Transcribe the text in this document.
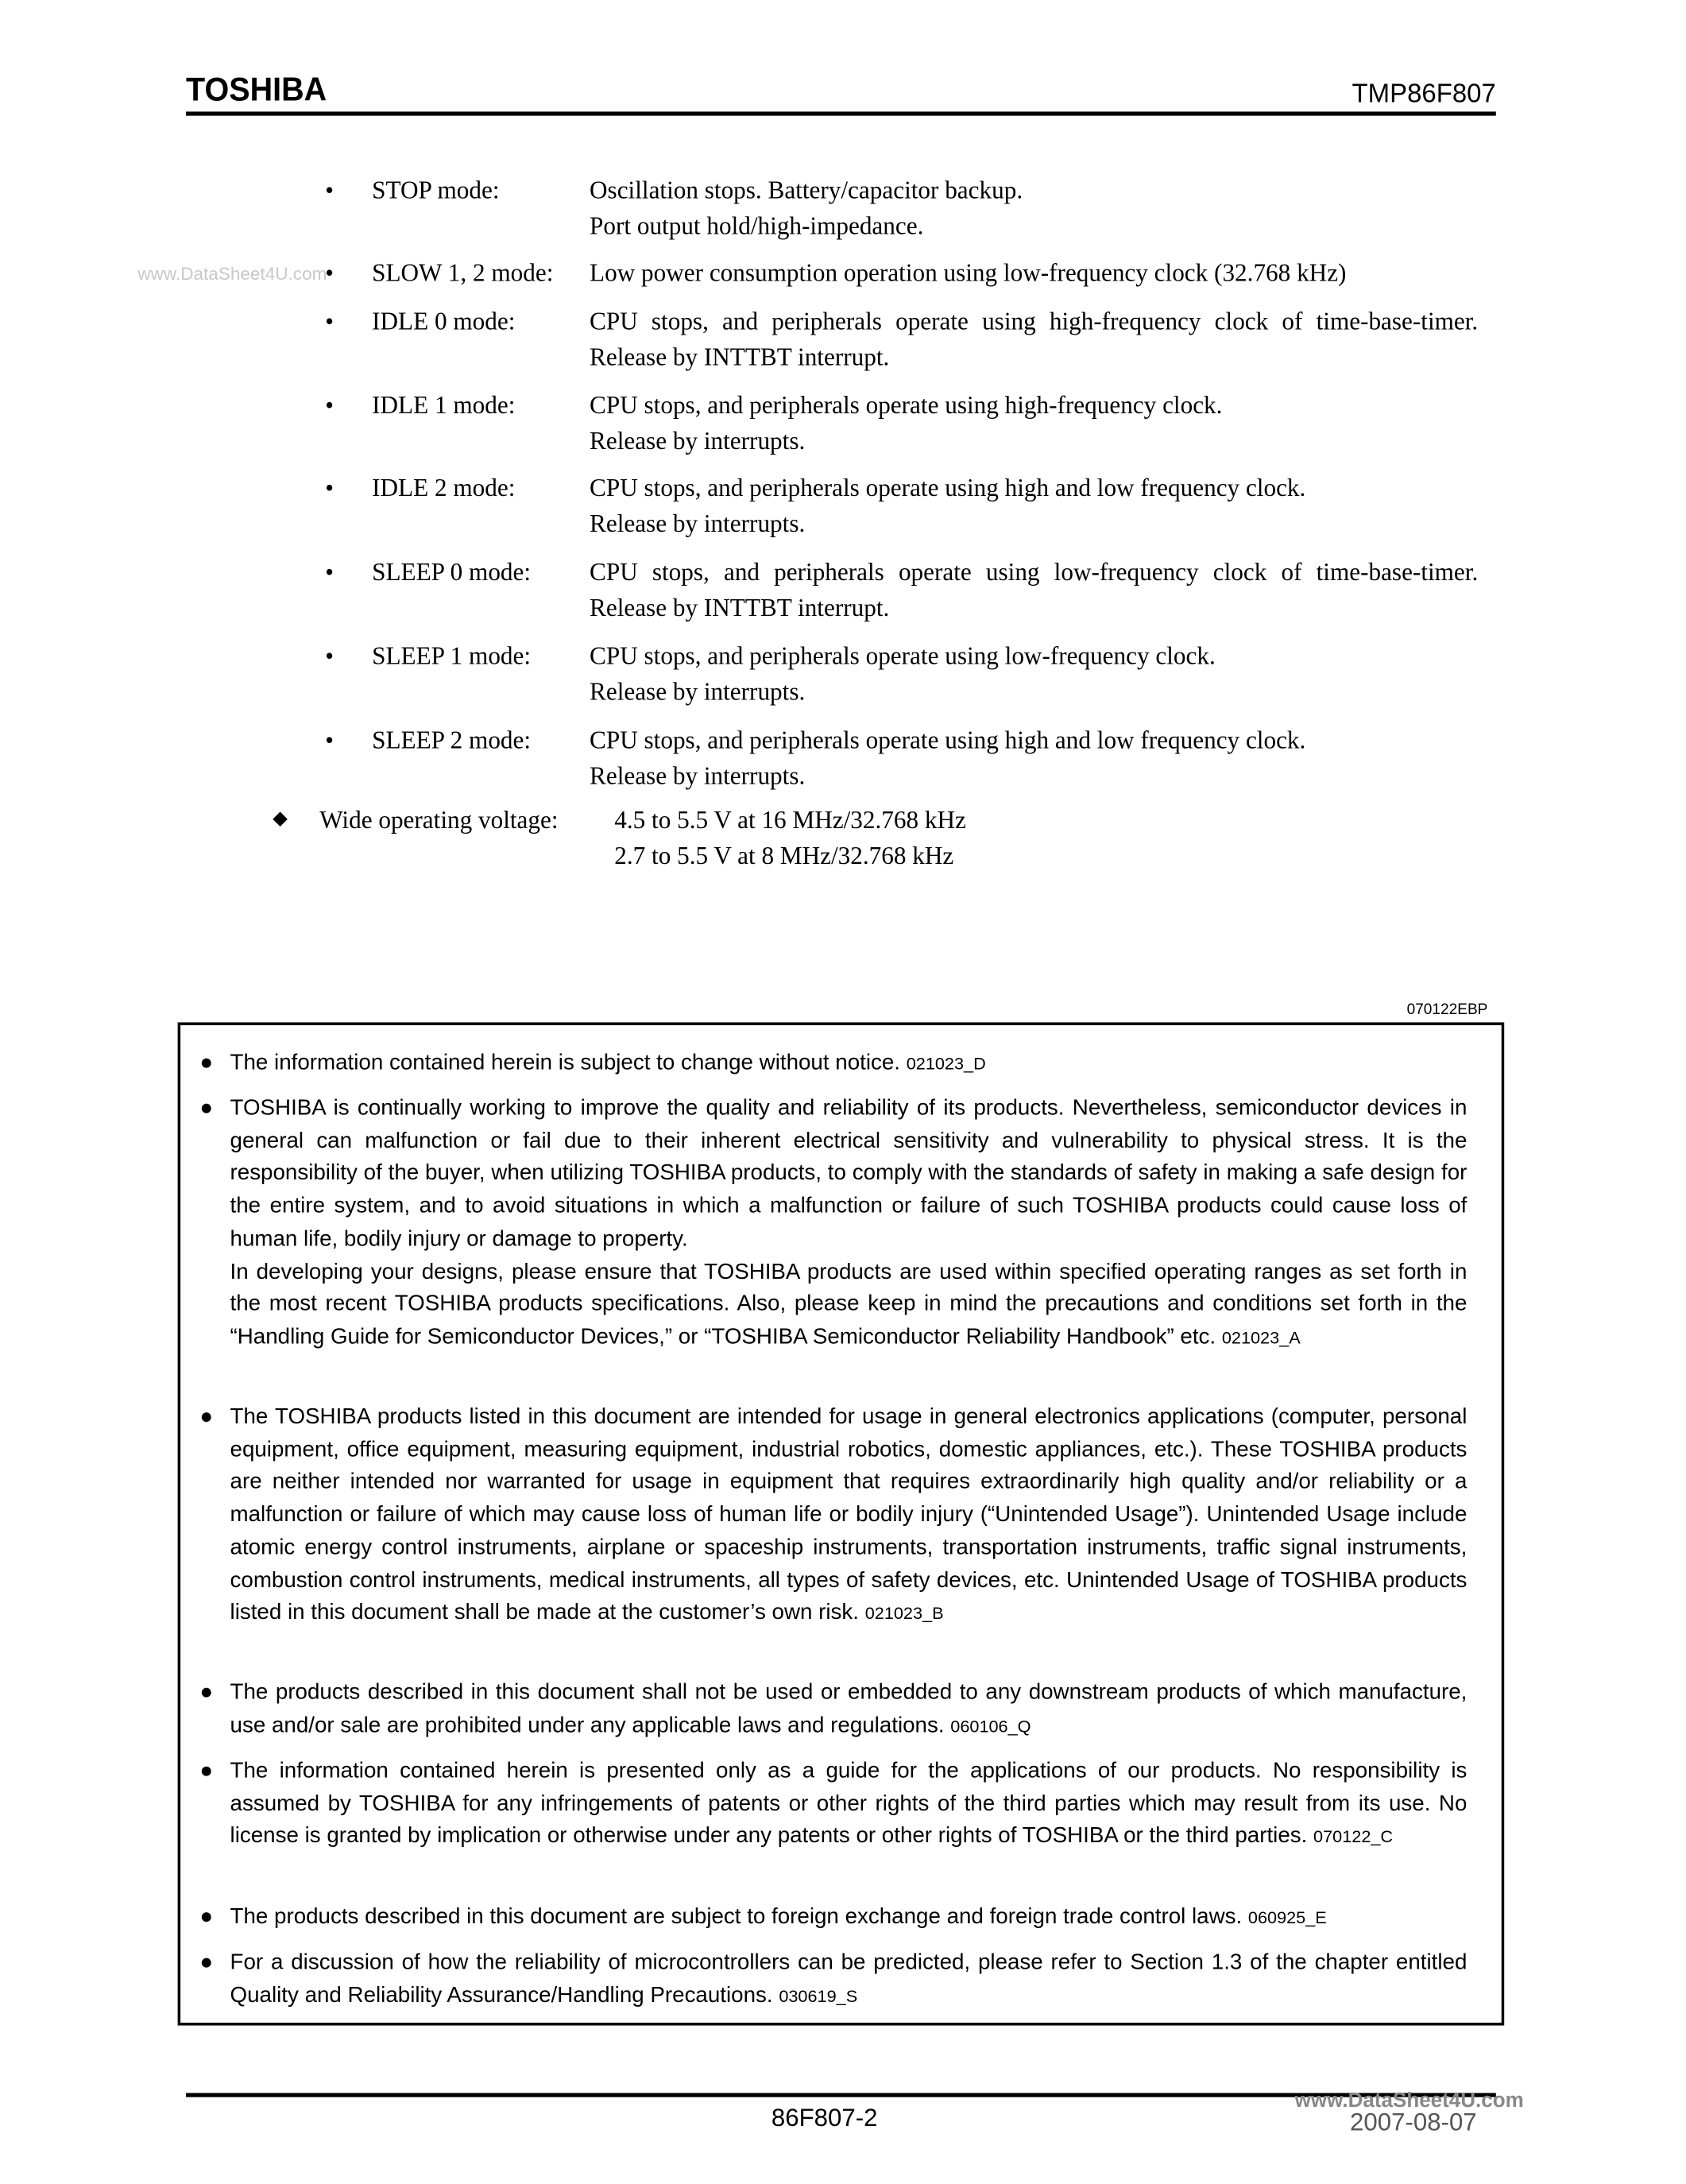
TOSHIBA	TMP86F807
www.DataSheet4U.com
•	STOP mode:	Oscillation stops. Battery/capacitor backup.
Port output hold/high-impedance.
•	SLOW 1, 2 mode:	Low power consumption operation using low-frequency clock (32.768 kHz)
•	IDLE 0 mode:	CPU stops, and peripherals operate using high-frequency clock of time-base-timer. Release by INTTBT interrupt.
•	IDLE 1 mode:	CPU stops, and peripherals operate using high-frequency clock.
Release by interrupts.
•	IDLE 2 mode:	CPU stops, and peripherals operate using high and low frequency clock.
Release by interrupts.
•	SLEEP 0 mode:	CPU stops, and peripherals operate using low-frequency clock of time-base-timer. Release by INTTBT interrupt.
•	SLEEP 1 mode:	CPU stops, and peripherals operate using low-frequency clock.
Release by interrupts.
•	SLEEP 2 mode:	CPU stops, and peripherals operate using high and low frequency clock.
Release by interrupts.
◆ Wide operating voltage:	4.5 to 5.5 V at 16 MHz/32.768 kHz
2.7 to 5.5 V at 8 MHz/32.768 kHz
070122EBP
● The information contained herein is subject to change without notice. 021023_D
● TOSHIBA is continually working to improve the quality and reliability of its products. Nevertheless, semiconductor devices in general can malfunction or fail due to their inherent electrical sensitivity and vulnerability to physical stress. It is the responsibility of the buyer, when utilizing TOSHIBA products, to comply with the standards of safety in making a safe design for the entire system, and to avoid situations in which a malfunction or failure of such TOSHIBA products could cause loss of human life, bodily injury or damage to property.

In developing your designs, please ensure that TOSHIBA products are used within specified operating ranges as set forth in the most recent TOSHIBA products specifications. Also, please keep in mind the precautions and conditions set forth in the “Handling Guide for Semiconductor Devices,” or “TOSHIBA Semiconductor Reliability Handbook” etc. 021023_A

● The TOSHIBA products listed in this document are intended for usage in general electronics applications (computer, personal equipment, office equipment, measuring equipment, industrial robotics, domestic appliances, etc.). These TOSHIBA products are neither intended nor warranted for usage in equipment that requires extraordinarily high quality and/or reliability or a malfunction or failure of which may cause loss of human life or bodily injury (“Unintended Usage”). Unintended Usage include atomic energy control instruments, airplane or spaceship instruments, transportation instruments, traffic signal instruments, combustion control instruments, medical instruments, all types of safety devices, etc. Unintended Usage of TOSHIBA products listed in this document shall be made at the customer’s own risk. 021023_B
● The products described in this document shall not be used or embedded to any downstream products of which manufacture, use and/or sale are prohibited under any applicable laws and regulations. 060106_Q
● The information contained herein is presented only as a guide for the applications of our products. No responsibility is assumed by TOSHIBA for any infringements of patents or other rights of the third parties which may result from its use. No license is granted by implication or otherwise under any patents or other rights of TOSHIBA or the third parties. 070122_C
● The products described in this document are subject to foreign exchange and foreign trade control laws. 060925_E
● For a discussion of how the reliability of microcontrollers can be predicted, please refer to Section 1.3 of the chapter entitled Quality and Reliability Assurance/Handling Precautions. 030619_S
www.DataSheet4U.com
86F807-2	2007-08-07
